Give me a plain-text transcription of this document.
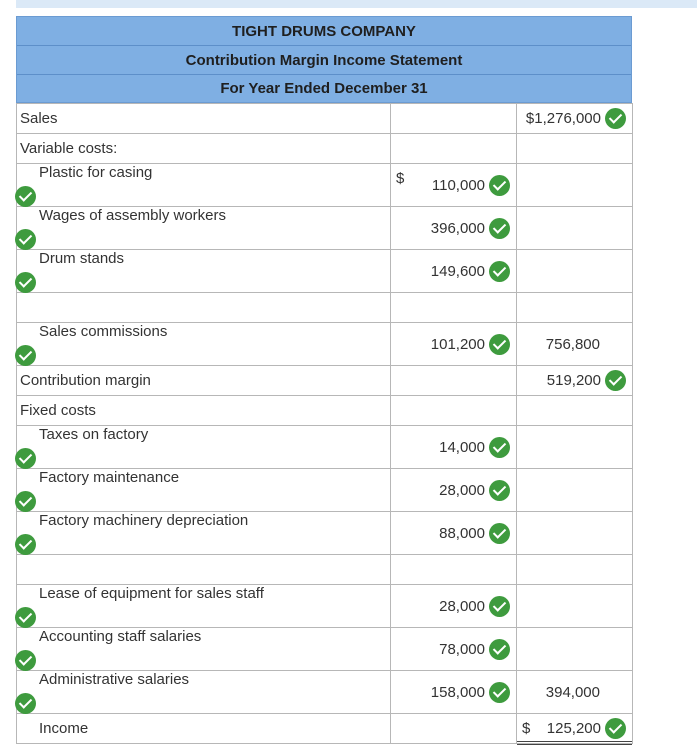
TIGHT DRUMS COMPANY
Contribution Margin Income Statement
For Year Ended December 31
Sales		$1,276,000

Variable costs:		

Plastic for casing	$ 110,000	

Wages of assembly workers	396,000	

Drum stands	149,600	

Sales commissions	101,200	756,800

Contribution margin		519,200

Fixed costs		

Taxes on factory	14,000	

Factory maintenance	28,000	

Factory machinery depreciation	88,000	

Lease of equipment for sales staff	28,000	

Accounting staff salaries	78,000	

Administrative salaries	158,000	394,000

Income		$ 125,200
